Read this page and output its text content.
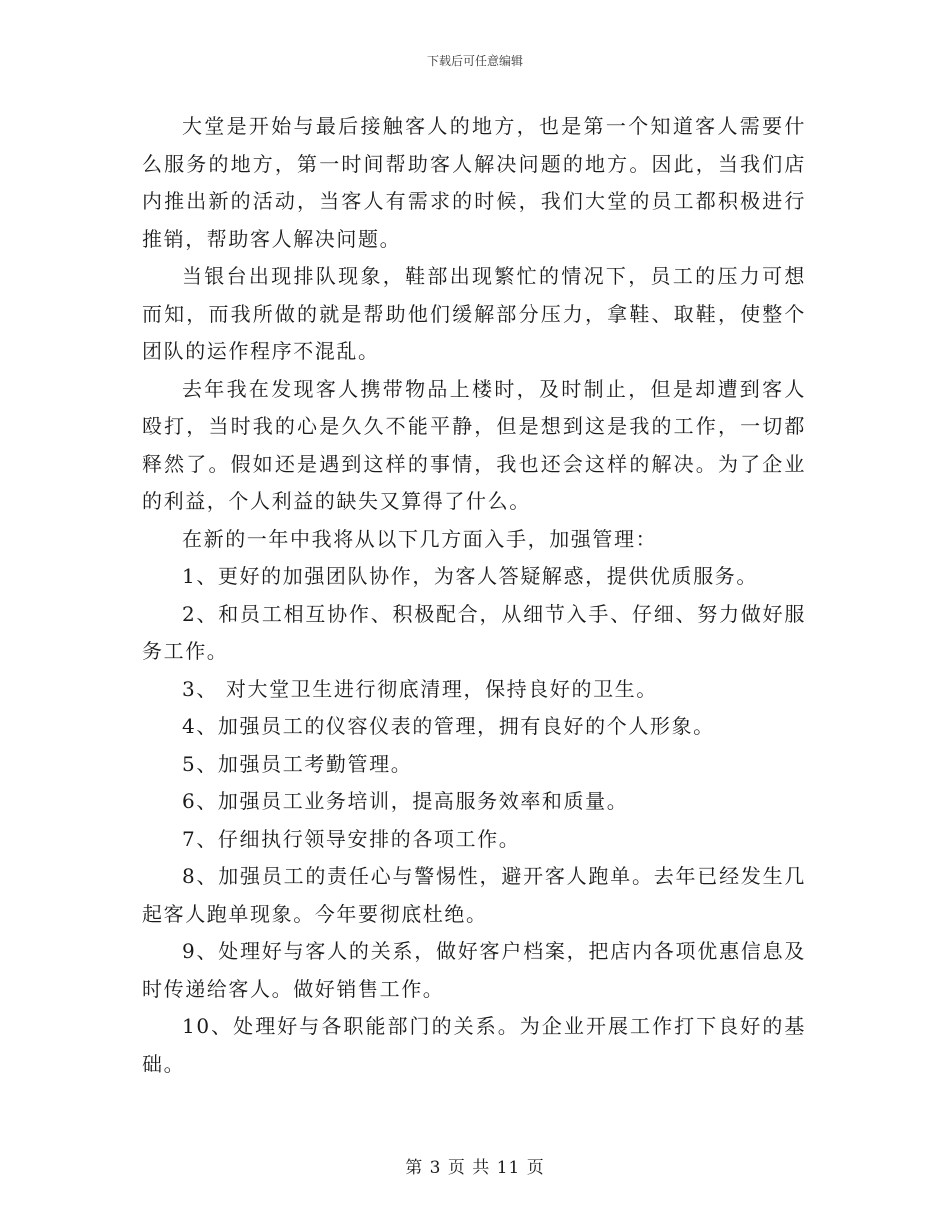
下载后可任意编辑

大堂是开始与最后接触客人的地方，也是第一个知道客人需要什么服务的地方，第一时间帮助客人解决问题的地方。因此，当我们店内推出新的活动，当客人有需求的时候，我们大堂的员工都积极进行推销，帮助客人解决问题。

当银台出现排队现象，鞋部出现繁忙的情况下，员工的压力可想而知，而我所做的就是帮助他们缓解部分压力，拿鞋、取鞋，使整个团队的运作程序不混乱。

去年我在发现客人携带物品上楼时，及时制止，但是却遭到客人殴打，当时我的心是久久不能平静，但是想到这是我的工作，一切都释然了。假如还是遇到这样的事情，我也还会这样的解决。为了企业的利益，个人利益的缺失又算得了什么。

在新的一年中我将从以下几方面入手，加强管理：

1、更好的加强团队协作，为客人答疑解惑，提供优质服务。

2、和员工相互协作、积极配合，从细节入手、仔细、努力做好服务工作。

3、 对大堂卫生进行彻底清理，保持良好的卫生。

4、加强员工的仪容仪表的管理，拥有良好的个人形象。

5、加强员工考勤管理。

6、加强员工业务培训，提高服务效率和质量。

7、仔细执行领导安排的各项工作。

8、加强员工的责任心与警惕性，避开客人跑单。去年已经发生几起客人跑单现象。今年要彻底杜绝。

9、处理好与客人的关系，做好客户档案，把店内各项优惠信息及时传递给客人。做好销售工作。

10、处理好与各职能部门的关系。为企业开展工作打下良好的基础。

第 3 页 共 11 页
